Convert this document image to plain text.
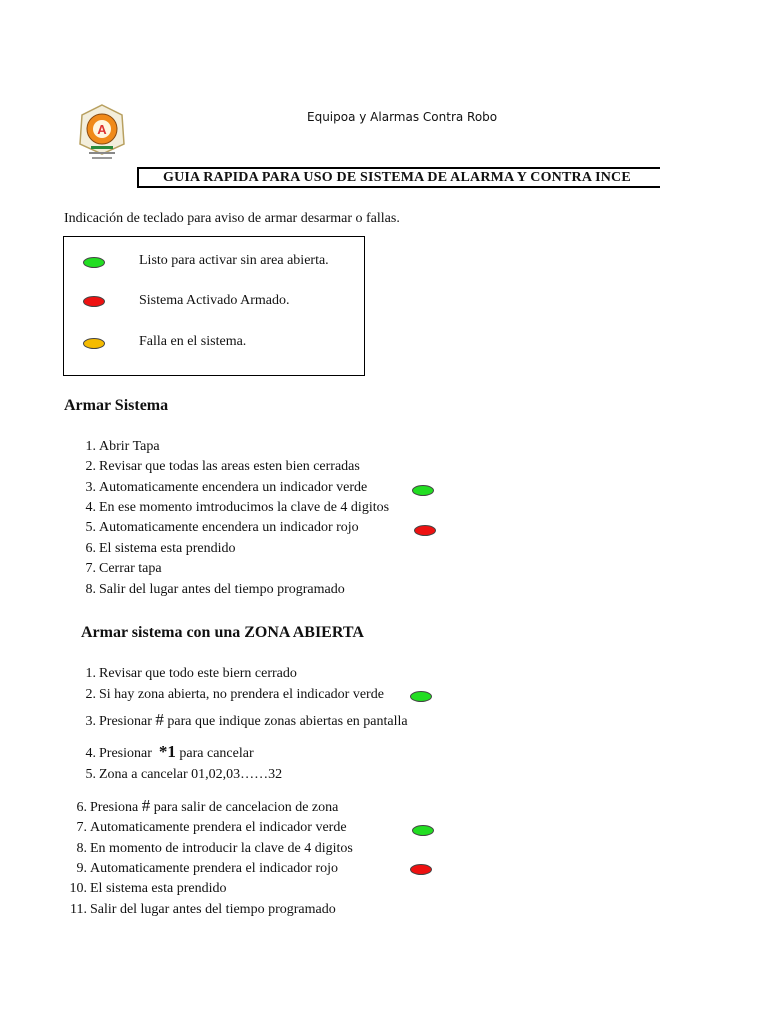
A
Equipoa y Alarmas Contra Robo
GUIA RAPIDA PARA USO DE SISTEMA DE ALARMA Y CONTRA INCE
Indicación de teclado para aviso de armar desarmar o fallas.
Listo para activar sin area abierta.
Sistema Activado Armado.
Falla en el sistema.
Armar Sistema
1. Abrir Tapa
2. Revisar que todas las areas esten bien cerradas
3. Automaticamente encendera un indicador verde
4. En ese momento imtroducimos la clave de 4 digitos
5. Automaticamente encendera un indicador rojo
6. El sistema esta prendido
7. Cerrar tapa
8. Salir del lugar antes del tiempo programado
Armar sistema con una ZONA ABIERTA
1. Revisar que todo este biern cerrado
2. Si hay zona abierta, no prendera el indicador verde
3. Presionar # para que indique zonas abiertas en pantalla
4. Presionar *1 para cancelar
5. Zona a cancelar 01,02,03……32
6. Presiona # para salir de cancelacion de zona
7. Automaticamente prendera el indicador verde
8. En momento de introducir la clave de 4 digitos
9. Automaticamente prendera el indicador rojo
10. El sistema esta prendido
11. Salir del lugar antes del tiempo programado
